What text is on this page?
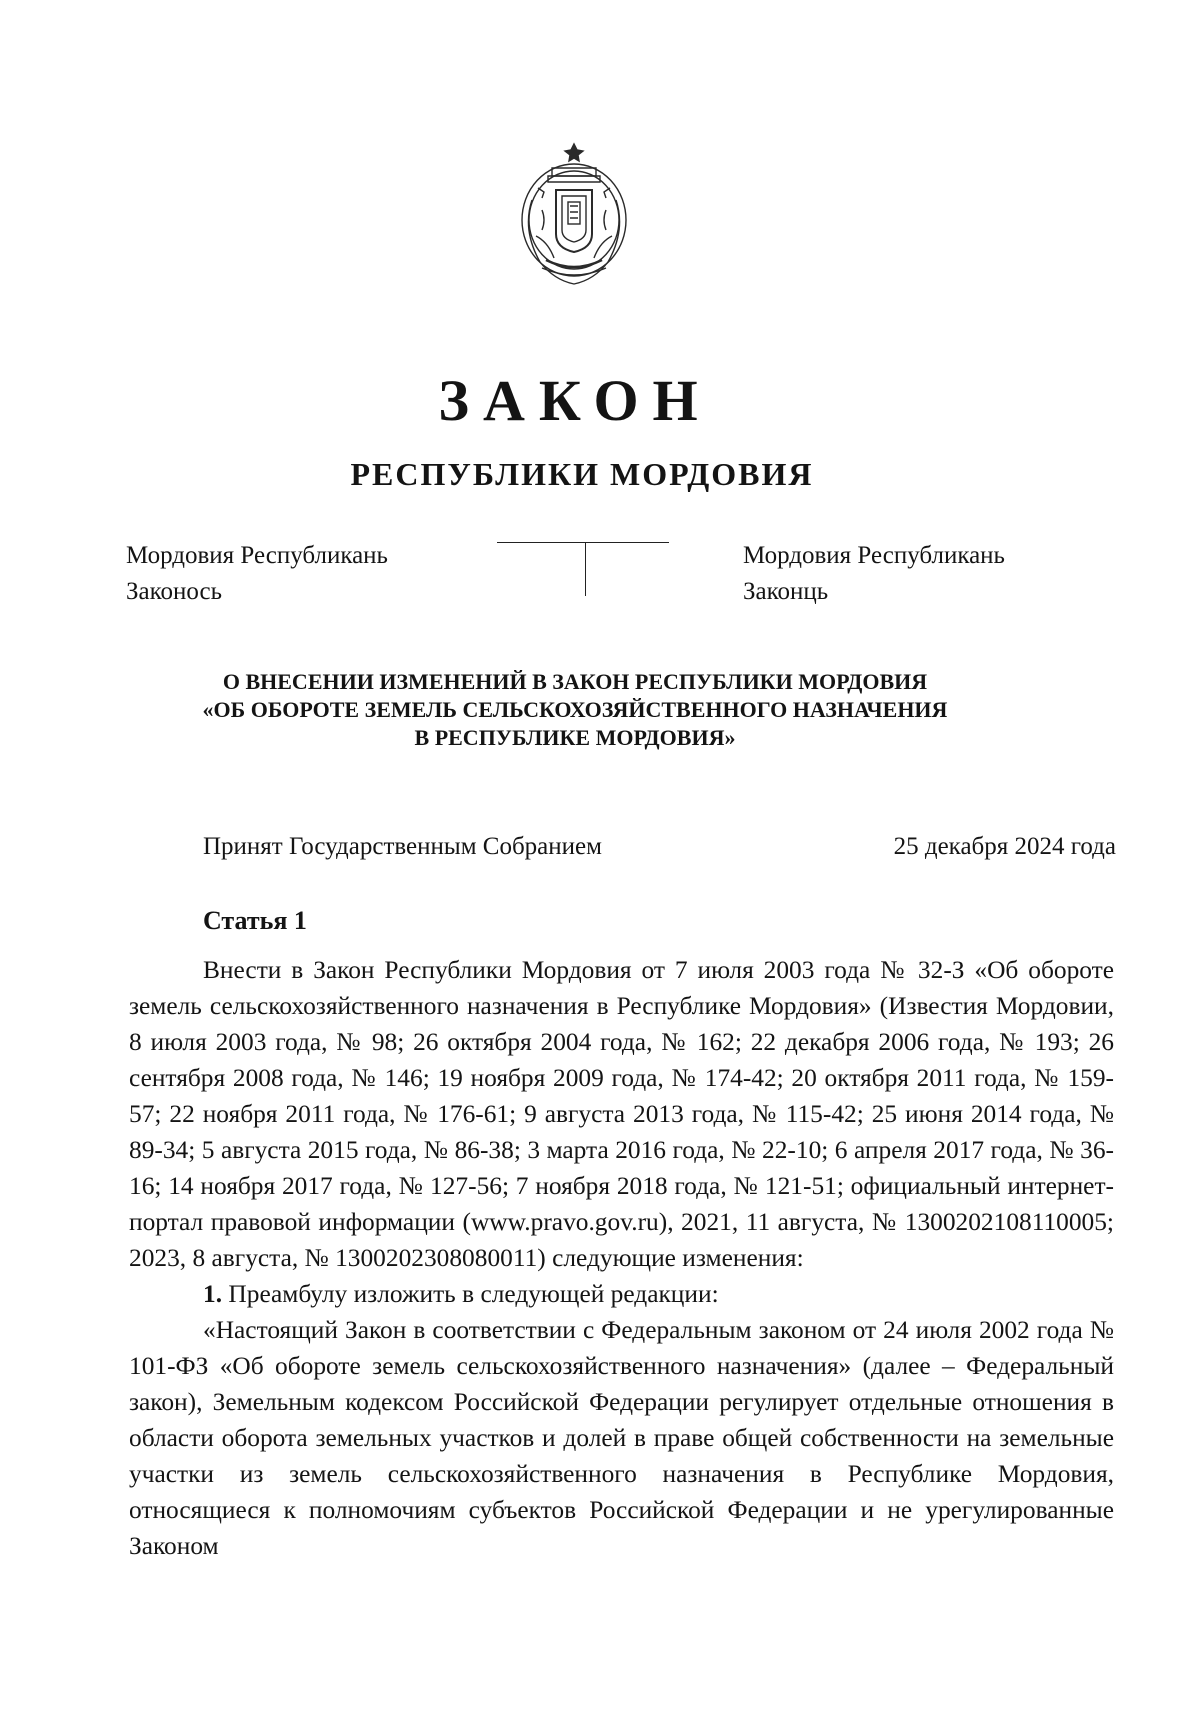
ЗАКОН
РЕСПУБЛИКИ МОРДОВИЯ
Мордовия Республикань
Законось
Мордовия Республикань
Законць
О ВНЕСЕНИИ ИЗМЕНЕНИЙ В ЗАКОН РЕСПУБЛИКИ МОРДОВИЯ
«ОБ ОБОРОТЕ ЗЕМЕЛЬ СЕЛЬСКОХОЗЯЙСТВЕННОГО НАЗНАЧЕНИЯ
В РЕСПУБЛИКЕ МОРДОВИЯ»
Принят Государственным Собранием	25 декабря 2024 года
Статья 1

Внести в Закон Республики Мордовия от 7 июля 2003 года № 32-З «Об обороте земель сельскохозяйственного назначения в Республике Мордовия» (Известия Мордовии, 8 июля 2003 года, № 98; 26 октября 2004 года, № 162; 22 декабря 2006 года, № 193; 26 сентября 2008 года, № 146; 19 ноября 2009 года, № 174-42; 20 октября 2011 года, № 159-57; 22 ноября 2011 года, № 176-61; 9 августа 2013 года, № 115-42; 25 июня 2014 года, № 89-34; 5 августа 2015 года, № 86-38; 3 марта 2016 года, № 22-10; 6 апреля 2017 года, № 36-16; 14 ноября 2017 года, № 127-56; 7 ноября 2018 года, № 121-51; официальный интернет-портал правовой информации (www.pravo.gov.ru), 2021, 11 августа, № 1300202108110005; 2023, 8 августа, № 1300202308080011) следующие изменения:

1. Преамбулу изложить в следующей редакции:

«Настоящий Закон в соответствии с Федеральным законом от 24 июля 2002 года № 101-ФЗ «Об обороте земель сельскохозяйственного назначения» (далее – Федеральный закон), Земельным кодексом Российской Федерации регулирует отдельные отношения в области оборота земельных участков и долей в праве общей собственности на земельные участки из земель сельскохозяйственного назначения в Республике Мордовия, относящиеся к полномочиям субъектов Российской Федерации и не урегулированные Законом
